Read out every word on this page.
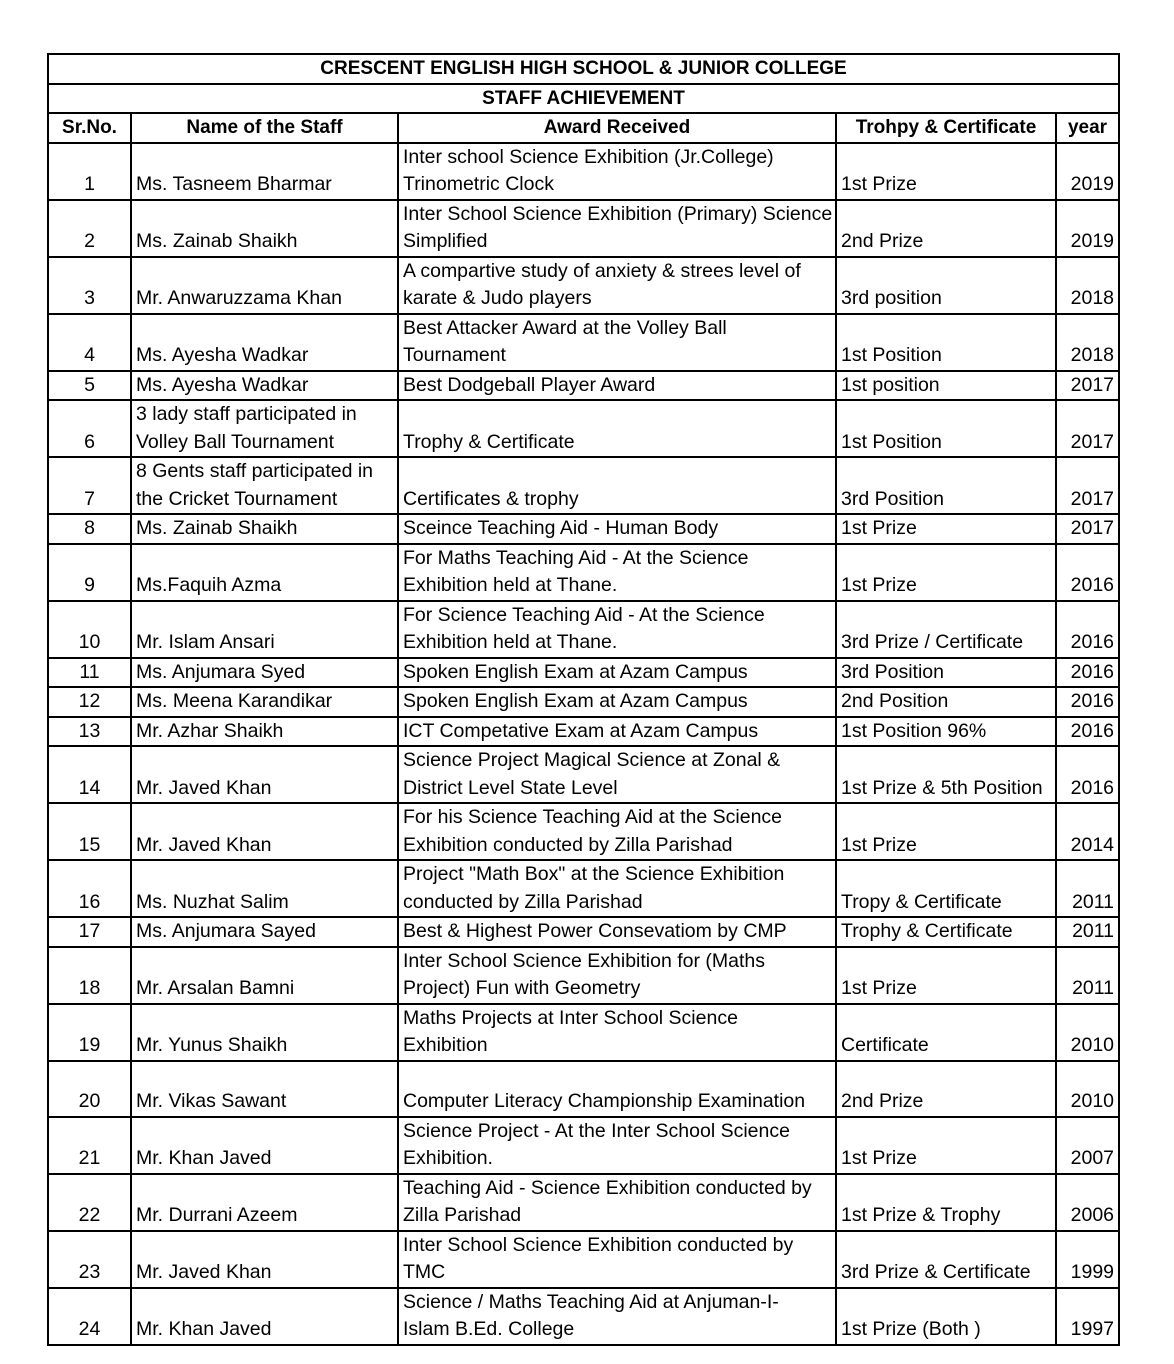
CRESCENT ENGLISH HIGH SCHOOL & JUNIOR COLLEGE				
STAFF ACHIEVEMENT				
Sr.No.	Name of the Staff	Award Received	Trohpy & Certificate	year
1	Ms. Tasneem Bharmar	Inter school Science Exhibition (Jr.College)
Trinometric Clock	1st Prize	2019
2	Ms. Zainab Shaikh	Inter School Science Exhibition (Primary) Science
Simplified	2nd Prize	2019
3	Mr. Anwaruzzama Khan	A compartive study of anxiety & strees level of
karate & Judo players	3rd position	2018
4	Ms. Ayesha Wadkar	Best Attacker Award at the Volley Ball
Tournament	1st Position	2018
5	Ms. Ayesha Wadkar	Best Dodgeball Player Award	1st position	2017
6	3 lady staff participated in
Volley Ball Tournament	Trophy & Certificate	1st Position	2017
7	8 Gents staff participated in
the Cricket Tournament	Certificates & trophy	3rd Position	2017
8	Ms. Zainab Shaikh	Sceince Teaching Aid - Human Body	1st Prize	2017
9	Ms.Faquih Azma	For Maths Teaching Aid - At the Science
Exhibition held at Thane.	1st Prize	2016
10	Mr. Islam Ansari	For Science Teaching Aid - At the Science
Exhibition held at Thane.	3rd Prize / Certificate	2016
11	Ms. Anjumara Syed	Spoken English Exam at Azam Campus	3rd Position	2016
12	Ms. Meena Karandikar	Spoken English Exam at Azam Campus	2nd Position	2016
13	Mr. Azhar Shaikh	ICT Competative Exam at Azam Campus	1st Position 96%	2016
14	Mr. Javed Khan	Science Project Magical Science at Zonal &
District Level State Level	1st Prize & 5th Position	2016
15	Mr. Javed Khan	For his Science Teaching Aid at the Science
Exhibition conducted by Zilla Parishad	1st Prize	2014
16	Ms. Nuzhat Salim	Project "Math Box" at the Science Exhibition
conducted by Zilla Parishad	Tropy & Certificate	2011
17	Ms. Anjumara Sayed	Best & Highest Power Consevatiom by CMP	Trophy & Certificate	2011
18	Mr. Arsalan Bamni	Inter School Science Exhibition for (Maths
Project) Fun with Geometry	1st Prize	2011
19	Mr. Yunus Shaikh	Maths Projects at Inter School Science
Exhibition	Certificate	2010
20	Mr. Vikas Sawant	Computer Literacy Championship Examination	2nd Prize	2010
21	Mr. Khan Javed	Science Project - At the Inter School Science
Exhibition.	1st Prize	2007
22	Mr. Durrani Azeem	Teaching Aid - Science Exhibition conducted by
Zilla Parishad	1st Prize & Trophy	2006
23	Mr. Javed Khan	Inter School Science Exhibition conducted by
TMC	3rd Prize & Certificate	1999
24	Mr. Khan Javed	Science / Maths Teaching Aid at Anjuman-I-
Islam B.Ed. College	1st Prize (Both )	1997
